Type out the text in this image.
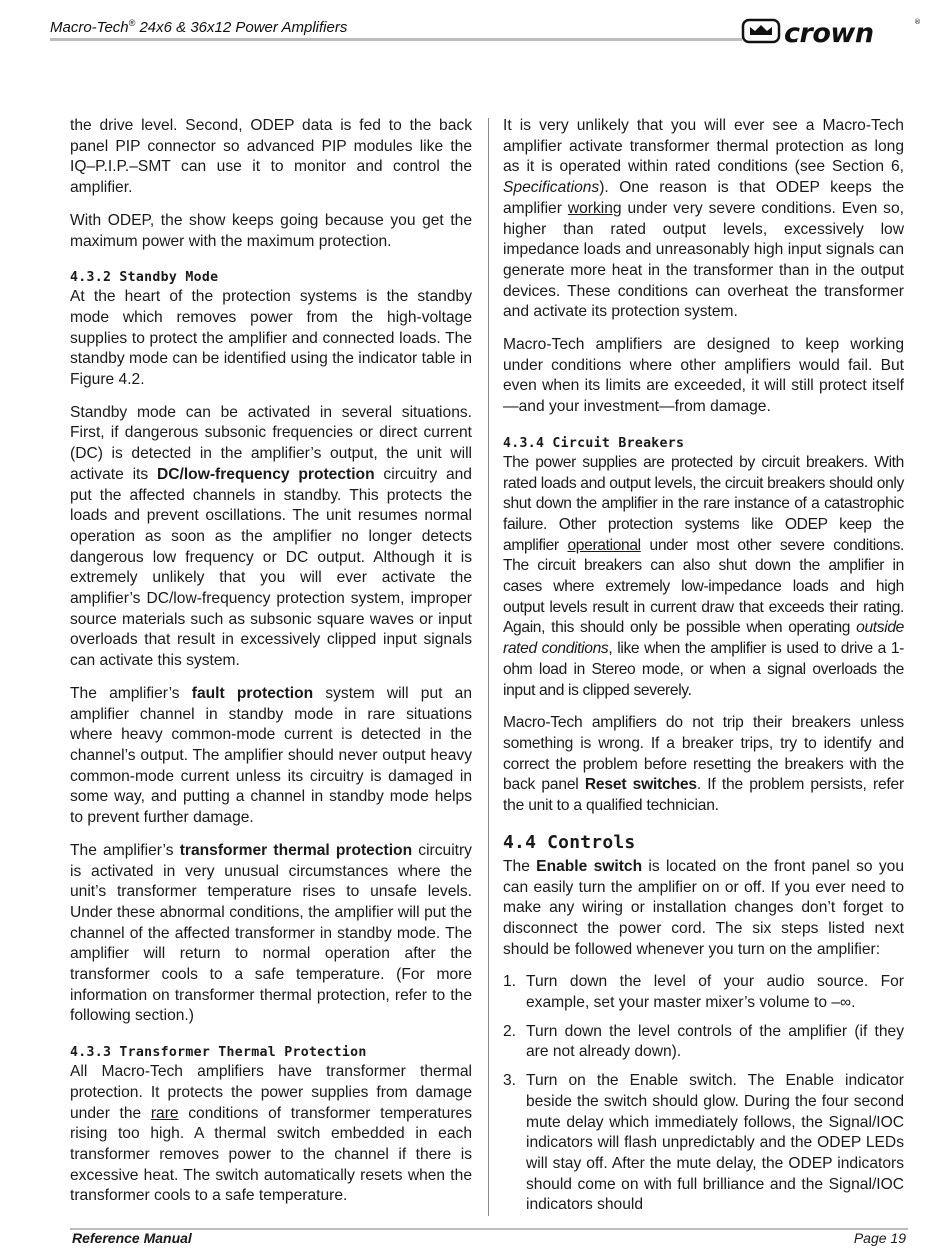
Macro-Tech® 24x6 & 36x12 Power Amplifiers	crown	®

the drive level. Second, ODEP data is fed to the back panel PIP connector so advanced PIP modules like the IQ–P.I.P.–SMT can use it to monitor and control the amplifier.

With ODEP, the show keeps going because you get the maximum power with the maximum protection.

4.3.2 Standby Mode

At the heart of the protection systems is the standby mode which removes power from the high-voltage supplies to protect the amplifier and connected loads. The standby mode can be identified using the indicator table in Figure 4.2.

Standby mode can be activated in several situations. First, if dangerous subsonic frequencies or direct current (DC) is detected in the amplifier’s output, the unit will activate its DC/low-frequency protection circuitry and put the affected channels in standby. This protects the loads and prevent oscillations. The unit resumes normal operation as soon as the amplifier no longer detects dangerous low frequency or DC output. Although it is extremely unlikely that you will ever activate the amplifier’s DC/low-frequency protection system, improper source materials such as subsonic square waves or input overloads that result in excessively clipped input signals can activate this system.

The amplifier’s fault protection system will put an amplifier channel in standby mode in rare situations where heavy common-mode current is detected in the channel’s output. The amplifier should never output heavy common-mode current unless its circuitry is damaged in some way, and putting a channel in standby mode helps to prevent further damage.

The amplifier’s transformer thermal protection circuitry is activated in very unusual circumstances where the unit’s transformer temperature rises to unsafe levels. Under these abnormal conditions, the amplifier will put the channel of the affected transformer in standby mode. The amplifier will return to normal operation after the transformer cools to a safe temperature. (For more information on transformer thermal protection, refer to the following section.)

4.3.3 Transformer Thermal Protection

All Macro-Tech amplifiers have transformer thermal protection. It protects the power supplies from damage under the rare conditions of transformer temperatures rising too high. A thermal switch embedded in each transformer removes power to the channel if there is excessive heat. The switch automatically resets when the transformer cools to a safe temperature.

It is very unlikely that you will ever see a Macro-Tech amplifier activate transformer thermal protection as long as it is operated within rated conditions (see Section 6, Specifications). One reason is that ODEP keeps the amplifier working under very severe conditions. Even so, higher than rated output levels, excessively low impedance loads and unreasonably high input signals can generate more heat in the transformer than in the output devices. These conditions can overheat the transformer and activate its protection system.

Macro-Tech amplifiers are designed to keep working under conditions where other amplifiers would fail. But even when its limits are exceeded, it will still protect itself—and your investment—from damage.

4.3.4 Circuit Breakers

The power supplies are protected by circuit breakers. With rated loads and output levels, the circuit breakers should only shut down the amplifier in the rare instance of a catastrophic failure. Other protection systems like ODEP keep the amplifier operational under most other severe conditions. The circuit breakers can also shut down the amplifier in cases where extremely low-impedance loads and high output levels result in current draw that exceeds their rating. Again, this should only be possible when operating outside rated conditions, like when the amplifier is used to drive a 1-ohm load in Stereo mode, or when a signal overloads the input and is clipped severely.

Macro-Tech amplifiers do not trip their breakers unless something is wrong. If a breaker trips, try to identify and correct the problem before resetting the breakers with the back panel Reset switches. If the problem persists, refer the unit to a qualified technician.

4.4 Controls

The Enable switch is located on the front panel so you can easily turn the amplifier on or off. If you ever need to make any wiring or installation changes don’t forget to disconnect the power cord. The six steps listed next should be followed whenever you turn on the amplifier:

1. Turn down the level of your audio source. For example, set your master mixer’s volume to –∞.
2. Turn down the level controls of the amplifier (if they are not already down).
3. Turn on the Enable switch. The Enable indicator beside the switch should glow. During the four second mute delay which immediately follows, the Signal/IOC indicators will flash unpredictably and the ODEP LEDs will stay off. After the mute delay, the ODEP indicators should come on with full brilliance and the Signal/IOC indicators should
Reference Manual	Page 19
